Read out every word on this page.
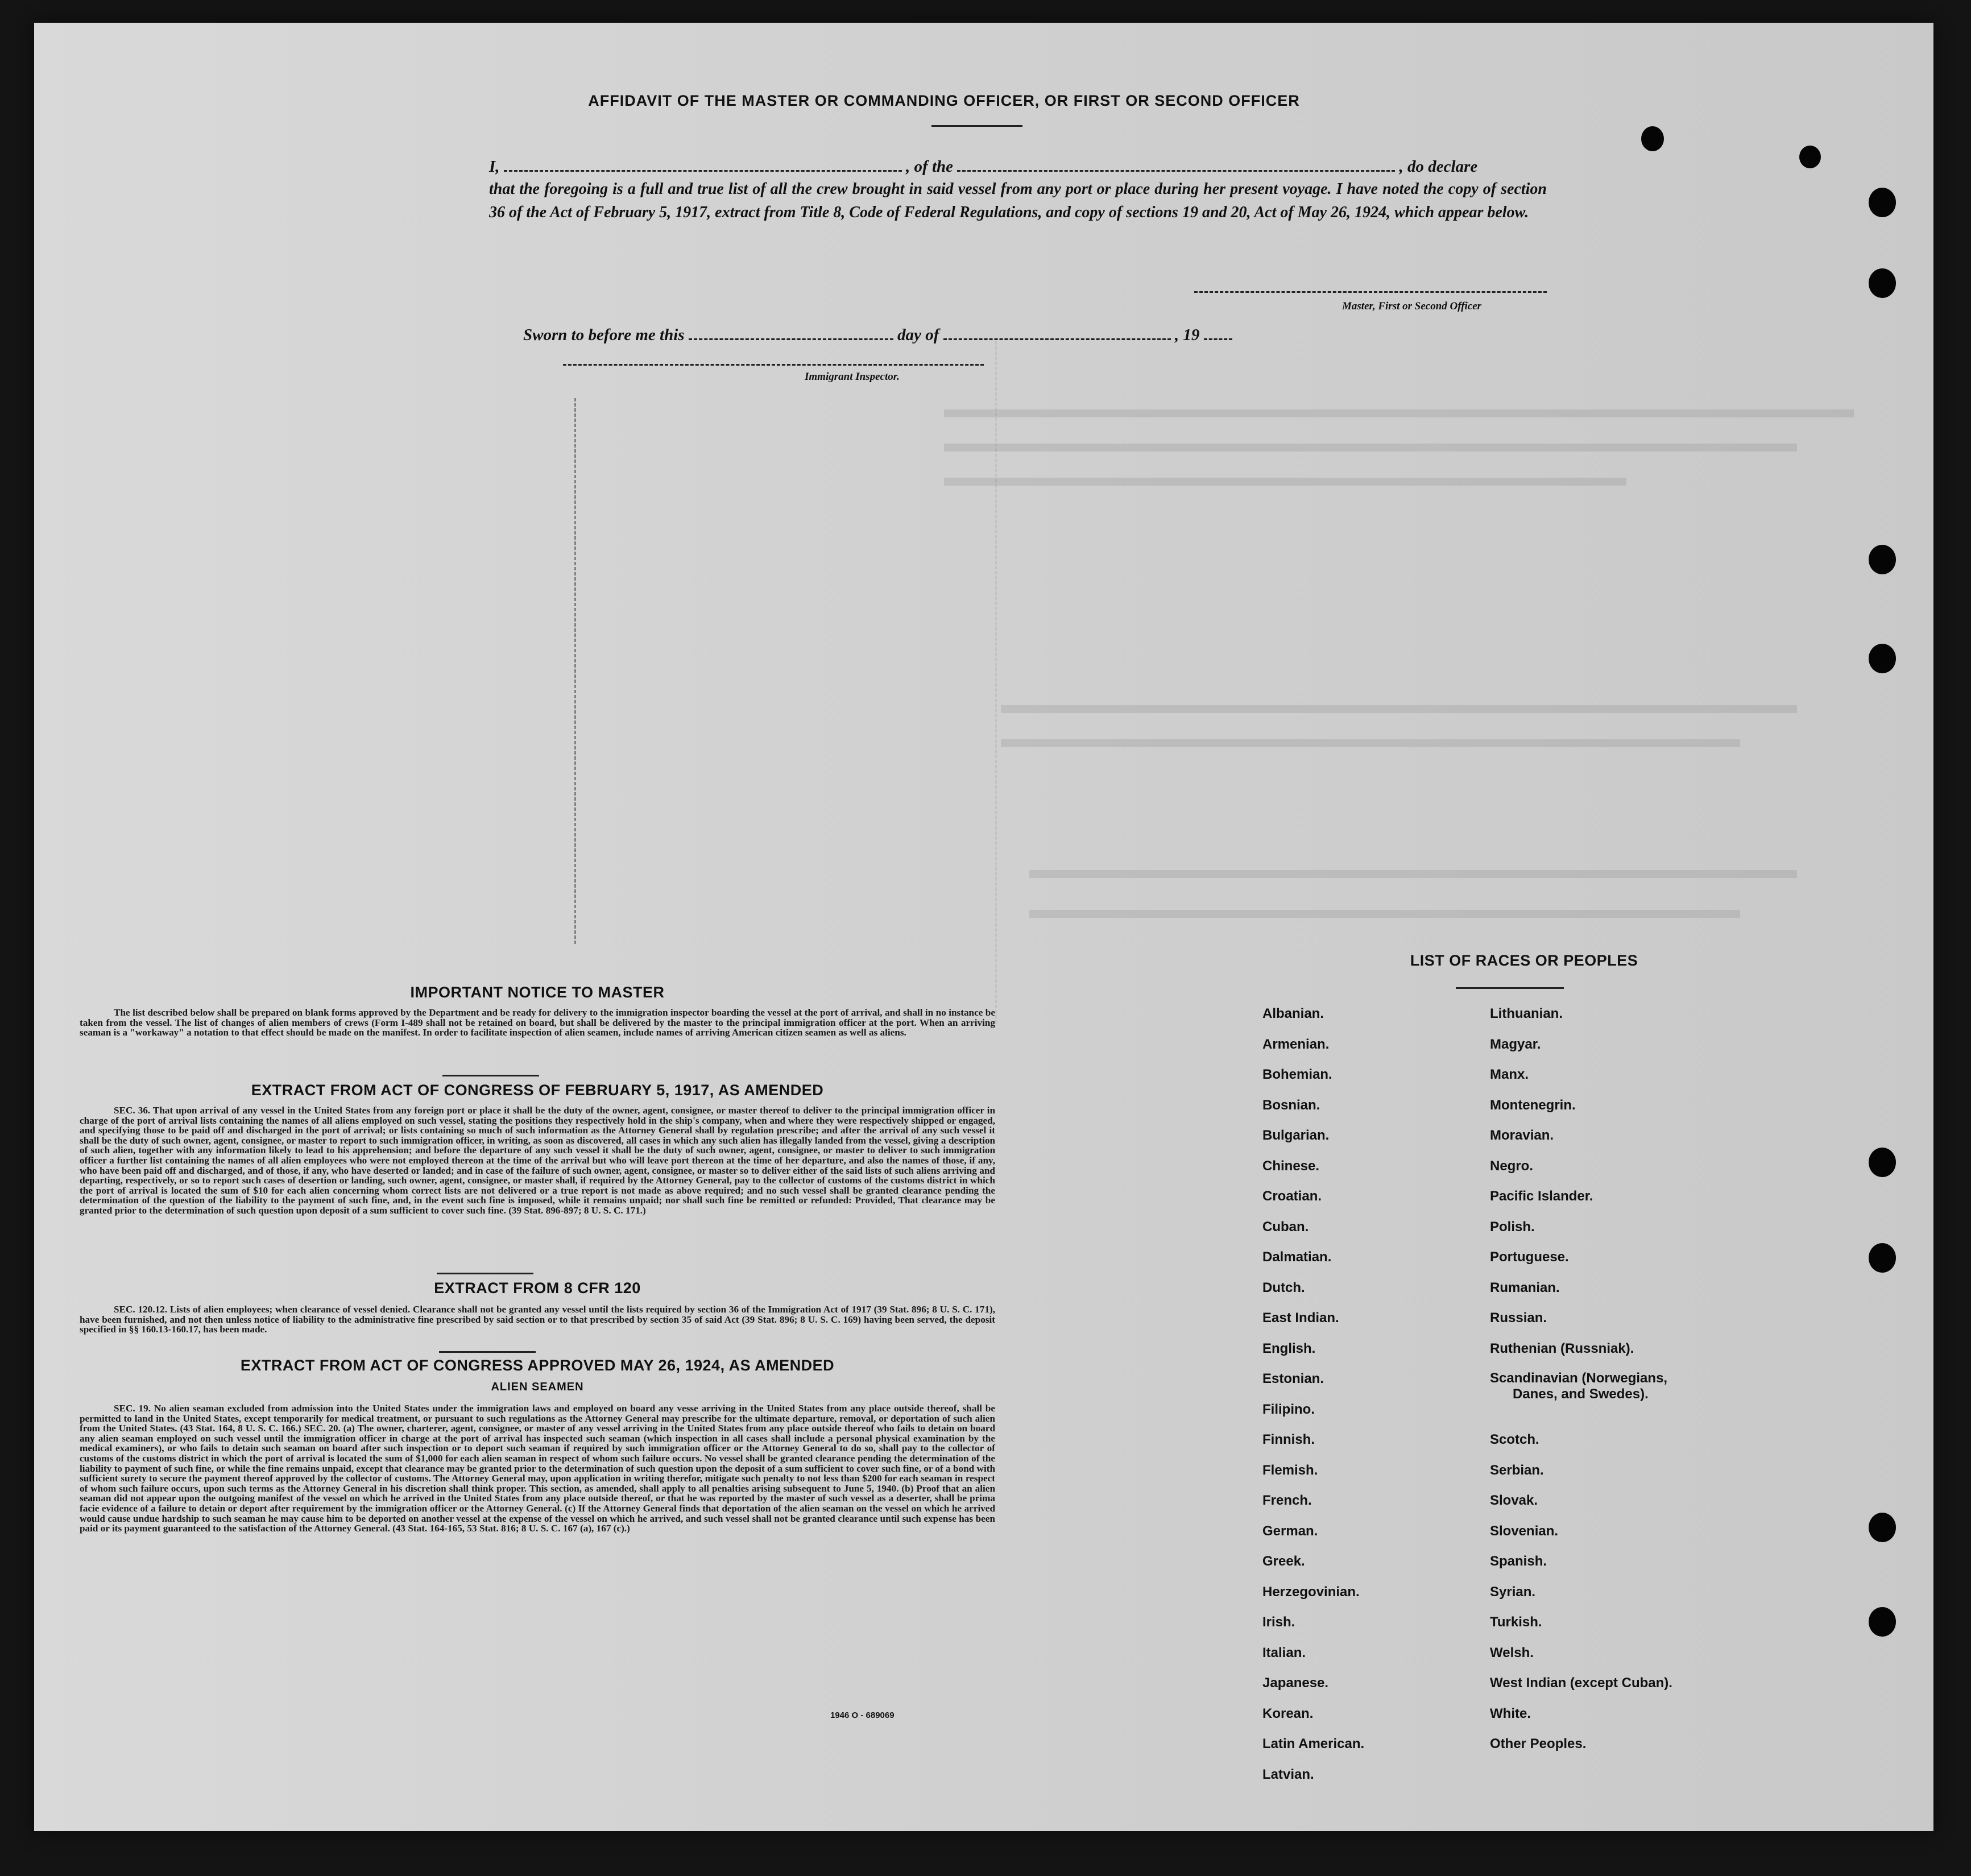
AFFIDAVIT OF THE MASTER OR COMMANDING OFFICER, OR FIRST OR SECOND OFFICER
I,	, of the	, do declare
that the foregoing is a full and true list of all the crew brought in said vessel from any port or place during her present voyage. I have noted the copy of section 36 of the Act of February 5, 1917, extract from Title 8, Code of Federal Regulations, and copy of sections 19 and 20, Act of May 26, 1924, which appear below.
Master, First or Second Officer
Sworn to before me this	day of	, 19
Immigrant Inspector.
IMPORTANT NOTICE TO MASTER
The list described below shall be prepared on blank forms approved by the Department and be ready for delivery to the immigration inspector boarding the vessel at the port of arrival, and shall in no instance be taken from the vessel. The list of changes of alien members of crews (Form I-489 shall not be retained on board, but shall be delivered by the master to the principal immigration officer at the port. When an arriving seaman is a "workaway" a notation to that effect should be made on the manifest. In order to facilitate inspection of alien seamen, include names of arriving American citizen seamen as well as aliens.
EXTRACT FROM ACT OF CONGRESS OF FEBRUARY 5, 1917, AS AMENDED
SEC. 36. That upon arrival of any vessel in the United States from any foreign port or place it shall be the duty of the owner, agent, consignee, or master thereof to deliver to the principal immigration officer in charge of the port of arrival lists containing the names of all aliens employed on such vessel, stating the positions they respectively hold in the ship's company, when and where they were respectively shipped or engaged, and specifying those to be paid off and discharged in the port of arrival; or lists containing so much of such information as the Attorney General shall by regulation prescribe; and after the arrival of any such vessel it shall be the duty of such owner, agent, consignee, or master to report to such immigration officer, in writing, as soon as discovered, all cases in which any such alien has illegally landed from the vessel, giving a description of such alien, together with any information likely to lead to his apprehension; and before the departure of any such vessel it shall be the duty of such owner, agent, consignee, or master to deliver to such immigration officer a further list containing the names of all alien employees who were not employed thereon at the time of the arrival but who will leave port thereon at the time of her departure, and also the names of those, if any, who have been paid off and discharged, and of those, if any, who have deserted or landed; and in case of the failure of such owner, agent, consignee, or master so to deliver either of the said lists of such aliens arriving and departing, respectively, or so to report such cases of desertion or landing, such owner, agent, consignee, or master shall, if required by the Attorney General, pay to the collector of customs of the customs district in which the port of arrival is located the sum of $10 for each alien concerning whom correct lists are not delivered or a true report is not made as above required; and no such vessel shall be granted clearance pending the determination of the question of the liability to the payment of such fine, and, in the event such fine is imposed, while it remains unpaid; nor shall such fine be remitted or refunded: Provided, That clearance may be granted prior to the determination of such question upon deposit of a sum sufficient to cover such fine. (39 Stat. 896-897; 8 U. S. C. 171.)
EXTRACT FROM 8 CFR 120
SEC. 120.12. Lists of alien employees; when clearance of vessel denied. Clearance shall not be granted any vessel until the lists required by section 36 of the Immigration Act of 1917 (39 Stat. 896; 8 U. S. C. 171), have been furnished, and not then unless notice of liability to the administrative fine prescribed by said section or to that prescribed by section 35 of said Act (39 Stat. 896; 8 U. S. C. 169) having been served, the deposit specified in §§ 160.13-160.17, has been made.
EXTRACT FROM ACT OF CONGRESS APPROVED MAY 26, 1924, AS AMENDED
ALIEN SEAMEN
SEC. 19. No alien seaman excluded from admission into the United States under the immigration laws and employed on board any vesse arriving in the United States from any place outside thereof, shall be permitted to land in the United States, except temporarily for medical treatment, or pursuant to such regulations as the Attorney General may prescribe for the ultimate departure, removal, or deportation of such alien from the United States. (43 Stat. 164, 8 U. S. C. 166.) SEC. 20. (a) The owner, charterer, agent, consignee, or master of any vessel arriving in the United States from any place outside thereof who fails to detain on board any alien seaman employed on such vessel until the immigration officer in charge at the port of arrival has inspected such seaman (which inspection in all cases shall include a personal physical examination by the medical examiners), or who fails to detain such seaman on board after such inspection or to deport such seaman if required by such immigration officer or the Attorney General to do so, shall pay to the collector of customs of the customs district in which the port of arrival is located the sum of $1,000 for each alien seaman in respect of whom such failure occurs. No vessel shall be granted clearance pending the determination of the liability to payment of such fine, or while the fine remains unpaid, except that clearance may be granted prior to the determination of such question upon the deposit of a sum sufficient to cover such fine, or of a bond with sufficient surety to secure the payment thereof approved by the collector of customs. The Attorney General may, upon application in writing therefor, mitigate such penalty to not less than $200 for each seaman in respect of whom such failure occurs, upon such terms as the Attorney General in his discretion shall think proper. This section, as amended, shall apply to all penalties arising subsequent to June 5, 1940. (b) Proof that an alien seaman did not appear upon the outgoing manifest of the vessel on which he arrived in the United States from any place outside thereof, or that he was reported by the master of such vessel as a deserter, shall be prima facie evidence of a failure to detain or deport after requirement by the immigration officer or the Attorney General. (c) If the Attorney General finds that deportation of the alien seaman on the vessel on which he arrived would cause undue hardship to such seaman he may cause him to be deported on another vessel at the expense of the vessel on which he arrived, and such vessel shall not be granted clearance until such expense has been paid or its payment guaranteed to the satisfaction of the Attorney General. (43 Stat. 164-165, 53 Stat. 816; 8 U. S. C. 167 (a), 167 (c).)
1946 O - 689069
LIST OF RACES OR PEOPLES
Albanian.
Armenian.
Bohemian.
Bosnian.
Bulgarian.
Chinese.
Croatian.
Cuban.
Dalmatian.
Dutch.
East Indian.
English.
Estonian.
Filipino.
Finnish.
Flemish.
French.
German.
Greek.
Herzegovinian.
Irish.
Italian.
Japanese.
Korean.
Latin American.
Latvian.
Lithuanian.
Magyar.
Manx.
Montenegrin.
Moravian.
Negro.
Pacific Islander.
Polish.
Portuguese.
Rumanian.
Russian.
Ruthenian (Russniak).
Scandinavian (Norwegians,
Danes, and Swedes).
Scotch.
Serbian.
Slovak.
Slovenian.
Spanish.
Syrian.
Turkish.
Welsh.
West Indian (except Cuban).
White.
Other Peoples.
